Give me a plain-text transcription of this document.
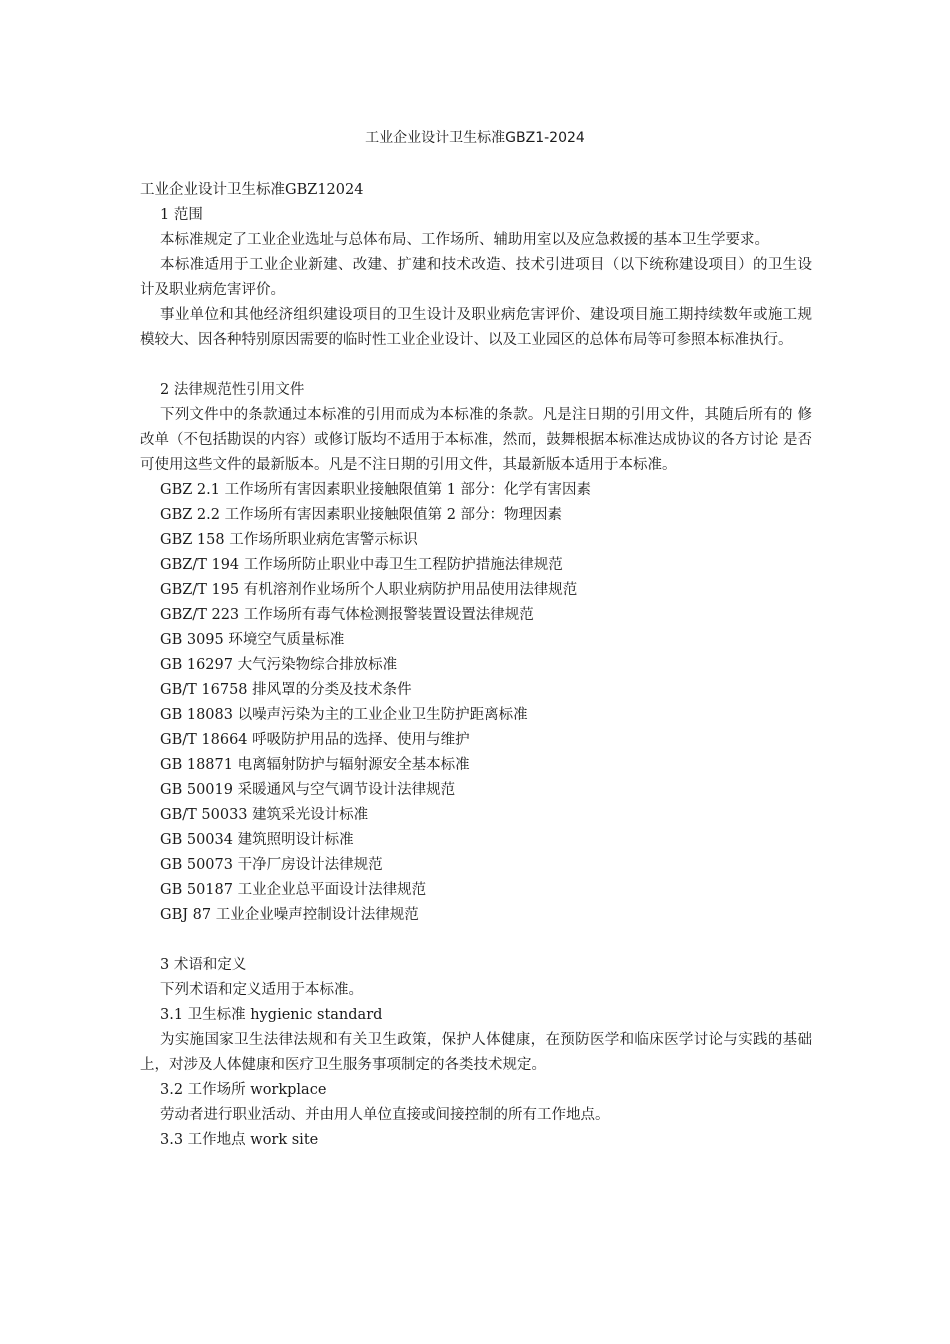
工业企业设计卫生标准GBZ1-2024
工业企业设计卫生标准GBZ12024
1 范围
本标准规定了工业企业选址与总体布局、工作场所、辅助用室以及应急救援的基本卫生学要求。
本标准适用于工业企业新建、改建、扩建和技术改造、技术引进项目（以下统称建设项目）的卫生设计及职业病危害评价。
事业单位和其他经济组织建设项目的卫生设计及职业病危害评价、建设项目施工期持续数年或施工规模较大、因各种特别原因需要的临时性工业企业设计、以及工业园区的总体布局等可参照本标准执行。
2 法律规范性引用文件
下列文件中的条款通过本标准的引用而成为本标准的条款。凡是注日期的引用文件，其随后所有的 修改单（不包括勘误的内容）或修订版均不适用于本标准，然而，鼓舞根据本标准达成协议的各方讨论 是否可使用这些文件的最新版本。凡是不注日期的引用文件，其最新版本适用于本标准。
GBZ 2.1 工作场所有害因素职业接触限值第 1 部分：化学有害因素
GBZ 2.2 工作场所有害因素职业接触限值第 2 部分：物理因素
GBZ 158 工作场所职业病危害警示标识
GBZ/T 194 工作场所防止职业中毒卫生工程防护措施法律规范
GBZ/T 195 有机溶剂作业场所个人职业病防护用品使用法律规范
GBZ/T 223 工作场所有毒气体检测报警装置设置法律规范
GB 3095 环境空气质量标准
GB 16297 大气污染物综合排放标准
GB/T 16758 排风罩的分类及技术条件
GB 18083 以噪声污染为主的工业企业卫生防护距离标准
GB/T 18664 呼吸防护用品的选择、使用与维护
GB 18871 电离辐射防护与辐射源安全基本标准
GB 50019 采暖通风与空气调节设计法律规范
GB/T 50033 建筑采光设计标准
GB 50034 建筑照明设计标准
GB 50073 干净厂房设计法律规范
GB 50187 工业企业总平面设计法律规范
GBJ 87 工业企业噪声控制设计法律规范
3 术语和定义
下列术语和定义适用于本标准。
3.1 卫生标准 hygienic standard
为实施国家卫生法律法规和有关卫生政策，保护人体健康，在预防医学和临床医学讨论与实践的基础上，对涉及人体健康和医疗卫生服务事项制定的各类技术规定。
3.2 工作场所 workplace
劳动者进行职业活动、并由用人单位直接或间接控制的所有工作地点。
3.3 工作地点 work site
